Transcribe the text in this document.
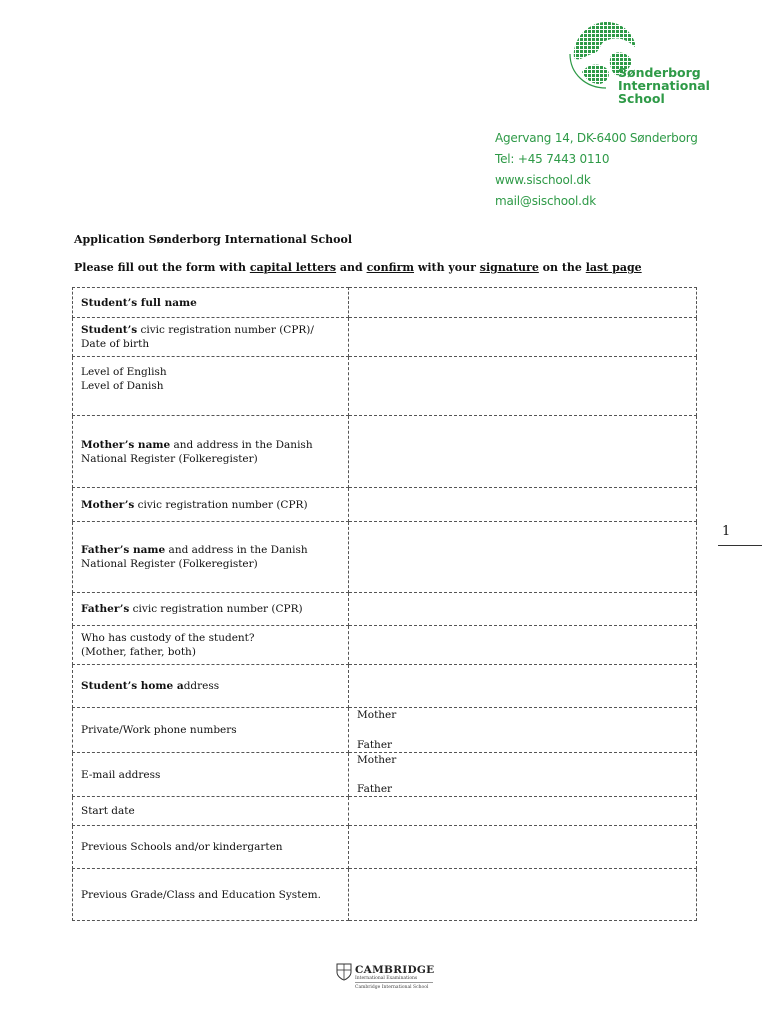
Sønderborg
International
School
Agervang 14, DK-6400 Sønderborg
Tel: +45 7443 0110
www.sischool.dk
mail@sischool.dk
Application Sønderborg International School
Please fill out the form with capital letters and confirm with your signature on the last page
Student’s full name	
Student’s civic registration number (CPR)/
Date of birth	
Level of English
Level of Danish

Mother’s name and address in the Danish
National Register (Folkeregister)	
Mother’s civic registration number (CPR)	
Father’s name and address in the Danish
National Register (Folkeregister)	
Father’s civic registration number (CPR)	
Who has custody of the student?
(Mother, father, both)	
Student’s home address	
Private/Work phone numbers	Mother
Father

E-mail address	Mother
Father

Start date	
Previous Schools and/or kindergarten	
Previous Grade/Class and Education System.	
1
CAMBRIDGE
International Examinations
Cambridge International School
